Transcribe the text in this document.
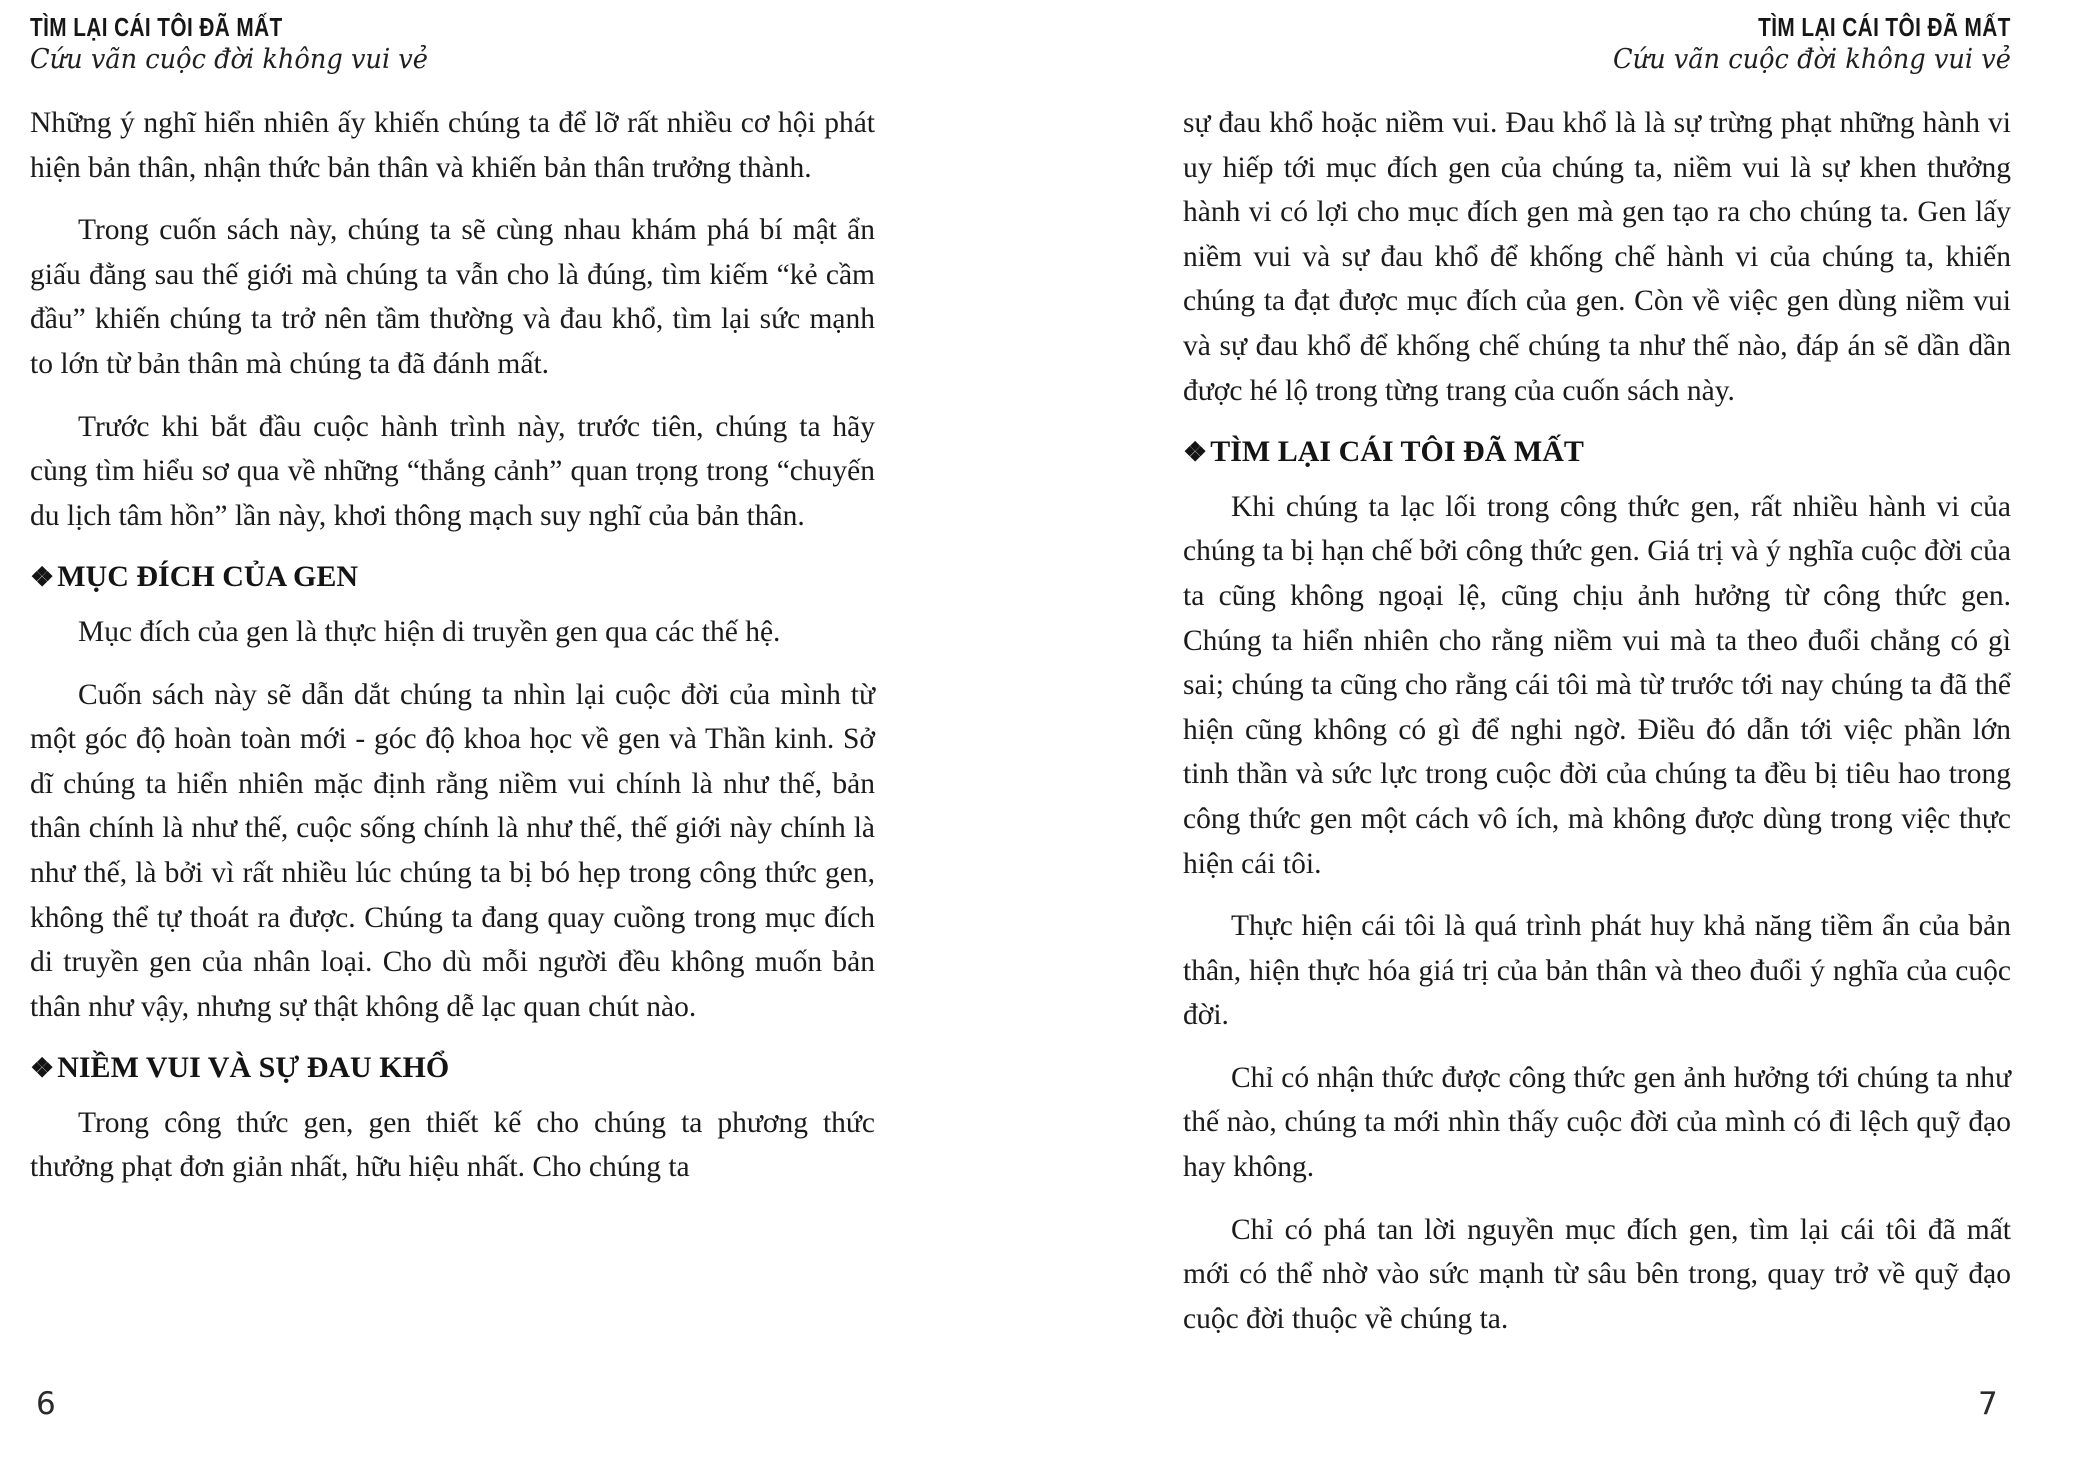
TÌM LẠI CÁI TÔI ĐÃ MẤT
Cứu vãn cuộc đời không vui vẻ

Những ý nghĩ hiển nhiên ấy khiến chúng ta để lỡ rất nhiều cơ hội phát hiện bản thân, nhận thức bản thân và khiến bản thân trưởng thành.

Trong cuốn sách này, chúng ta sẽ cùng nhau khám phá bí mật ẩn giấu đằng sau thế giới mà chúng ta vẫn cho là đúng, tìm kiếm “kẻ cầm đầu” khiến chúng ta trở nên tầm thường và đau khổ, tìm lại sức mạnh to lớn từ bản thân mà chúng ta đã đánh mất.

Trước khi bắt đầu cuộc hành trình này, trước tiên, chúng ta hãy cùng tìm hiểu sơ qua về những “thắng cảnh” quan trọng trong “chuyến du lịch tâm hồn” lần này, khơi thông mạch suy nghĩ của bản thân.

❖ MỤC ĐÍCH CỦA GEN

Mục đích của gen là thực hiện di truyền gen qua các thế hệ.

Cuốn sách này sẽ dẫn dắt chúng ta nhìn lại cuộc đời của mình từ một góc độ hoàn toàn mới - góc độ khoa học về gen và Thần kinh. Sở dĩ chúng ta hiển nhiên mặc định rằng niềm vui chính là như thế, bản thân chính là như thế, cuộc sống chính là như thế, thế giới này chính là như thế, là bởi vì rất nhiều lúc chúng ta bị bó hẹp trong công thức gen, không thể tự thoát ra được. Chúng ta đang quay cuồng trong mục đích di truyền gen của nhân loại. Cho dù mỗi người đều không muốn bản thân như vậy, nhưng sự thật không dễ lạc quan chút nào.

❖ NIỀM VUI VÀ SỰ ĐAU KHỔ

Trong công thức gen, gen thiết kế cho chúng ta phương thức thưởng phạt đơn giản nhất, hữu hiệu nhất. Cho chúng ta

TÌM LẠI CÁI TÔI ĐÃ MẤT
Cứu vãn cuộc đời không vui vẻ

sự đau khổ hoặc niềm vui. Đau khổ là là sự trừng phạt những hành vi uy hiếp tới mục đích gen của chúng ta, niềm vui là sự khen thưởng hành vi có lợi cho mục đích gen mà gen tạo ra cho chúng ta. Gen lấy niềm vui và sự đau khổ để khống chế hành vi của chúng ta, khiến chúng ta đạt được mục đích của gen. Còn về việc gen dùng niềm vui và sự đau khổ để khống chế chúng ta như thế nào, đáp án sẽ dần dần được hé lộ trong từng trang của cuốn sách này.

❖ TÌM LẠI CÁI TÔI ĐÃ MẤT

Khi chúng ta lạc lối trong công thức gen, rất nhiều hành vi của chúng ta bị hạn chế bởi công thức gen. Giá trị và ý nghĩa cuộc đời của ta cũng không ngoại lệ, cũng chịu ảnh hưởng từ công thức gen. Chúng ta hiển nhiên cho rằng niềm vui mà ta theo đuổi chẳng có gì sai; chúng ta cũng cho rằng cái tôi mà từ trước tới nay chúng ta đã thể hiện cũng không có gì để nghi ngờ. Điều đó dẫn tới việc phần lớn tinh thần và sức lực trong cuộc đời của chúng ta đều bị tiêu hao trong công thức gen một cách vô ích, mà không được dùng trong việc thực hiện cái tôi.

Thực hiện cái tôi là quá trình phát huy khả năng tiềm ẩn của bản thân, hiện thực hóa giá trị của bản thân và theo đuổi ý nghĩa của cuộc đời.

Chỉ có nhận thức được công thức gen ảnh hưởng tới chúng ta như thế nào, chúng ta mới nhìn thấy cuộc đời của mình có đi lệch quỹ đạo hay không.

Chỉ có phá tan lời nguyền mục đích gen, tìm lại cái tôi đã mất mới có thể nhờ vào sức mạnh từ sâu bên trong, quay trở về quỹ đạo cuộc đời thuộc về chúng ta.

6	7
